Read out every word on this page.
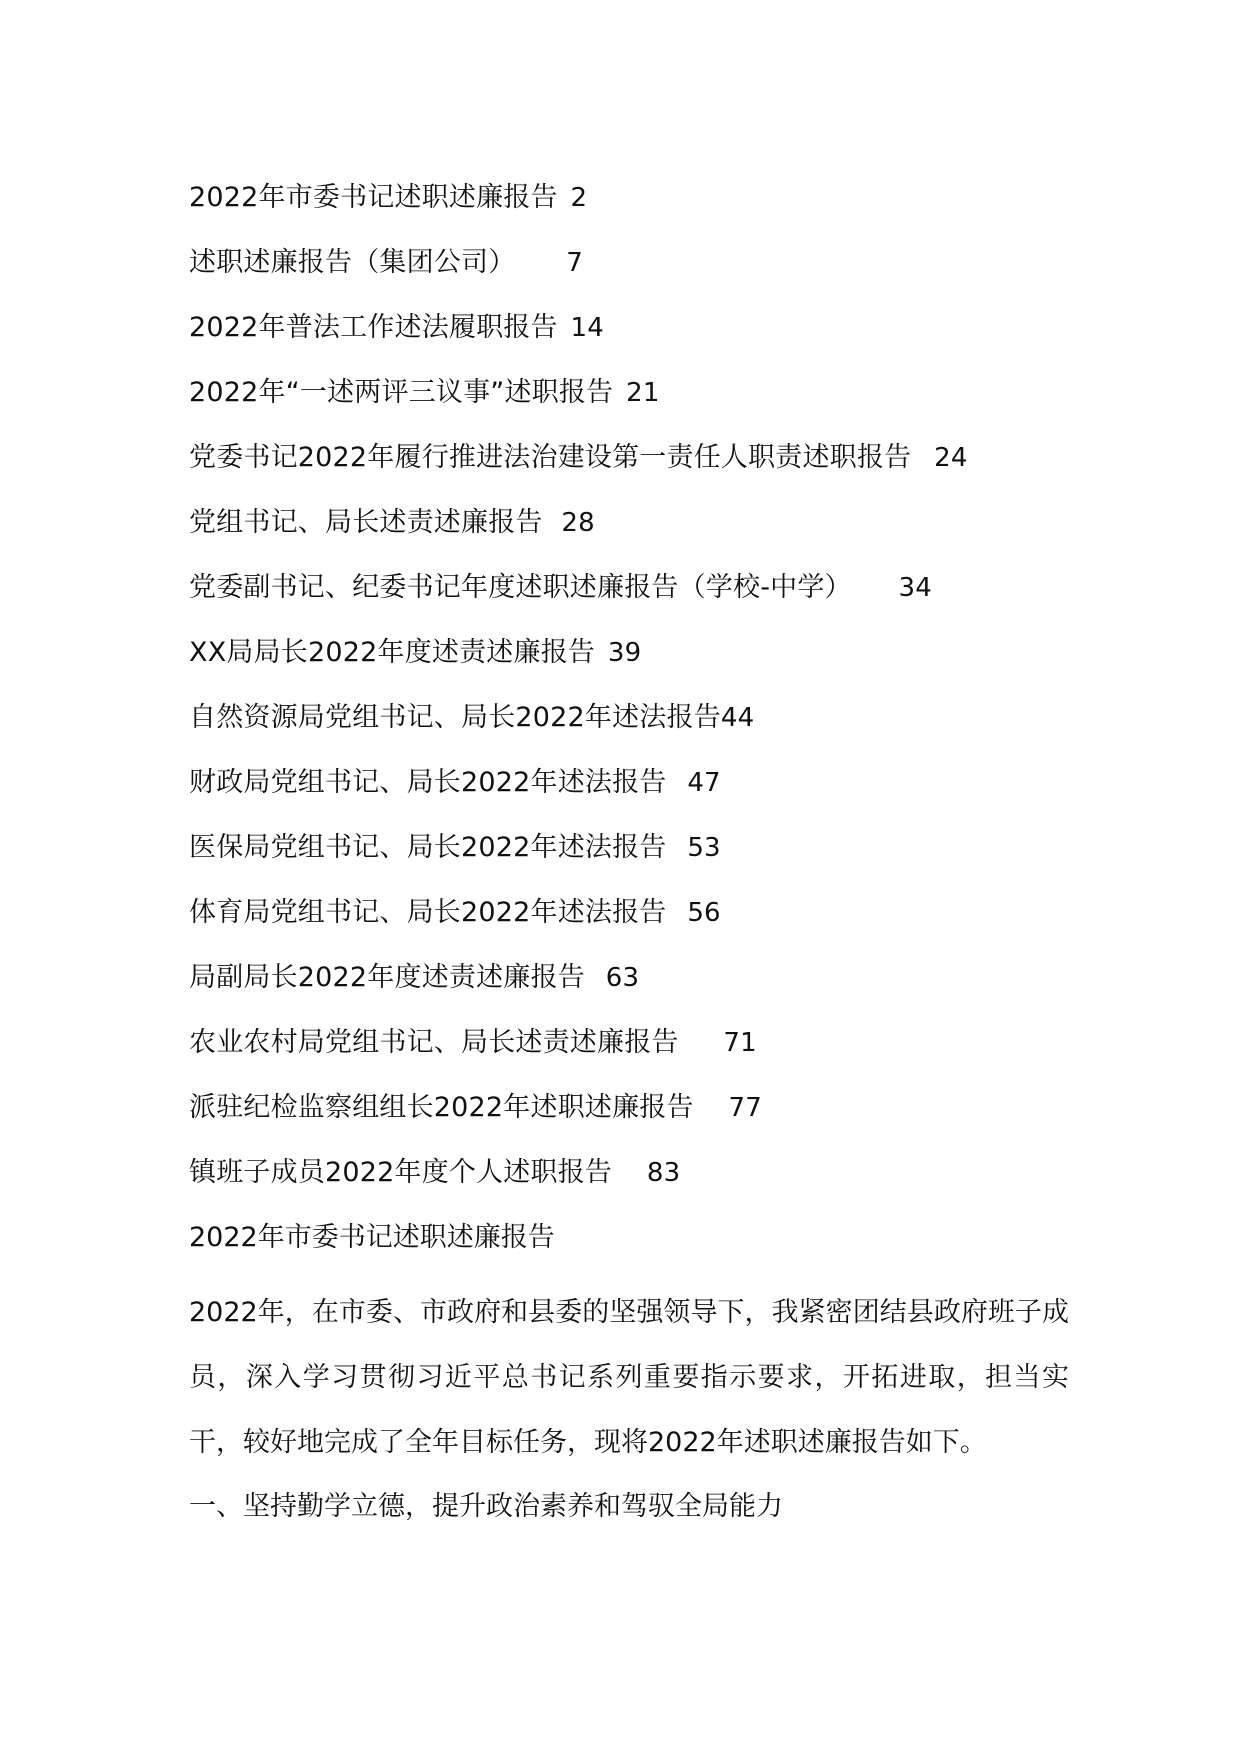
2022年市委书记述职述廉报告 2
述职述廉报告（集团公司） 7
2022年普法工作述法履职报告 14
2022年“一述两评三议事”述职报告 21
党委书记2022年履行推进法治建设第一责任人职责述职报告 24
党组书记、局长述责述廉报告 28
党委副书记、纪委书记年度述职述廉报告（学校-中学） 34
XX局局长2022年度述责述廉报告 39
自然资源局党组书记、局长2022年述法报告44
财政局党组书记、局长2022年述法报告 47
医保局党组书记、局长2022年述法报告 53
体育局党组书记、局长2022年述法报告 56
局副局长2022年度述责述廉报告 63
农业农村局党组书记、局长述责述廉报告 71
派驻纪检监察组组长2022年述职述廉报告 77
镇班子成员2022年度个人述职报告 83
2022年市委书记述职述廉报告

2022年，在市委、市政府和县委的坚强领导下，我紧密团结县政府班子成员，深入学习贯彻习近平总书记系列重要指示要求，开拓进取，担当实干，较好地完成了全年目标任务，现将2022年述职述廉报告如下。

一、坚持勤学立德，提升政治素养和驾驭全局能力
